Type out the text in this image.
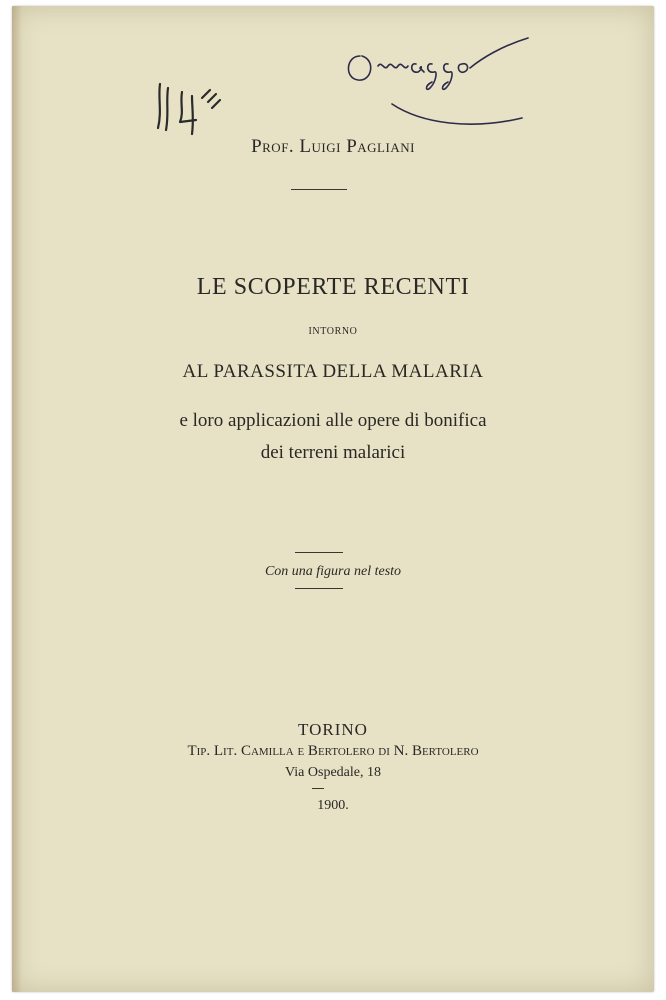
Prof. Luigi Pagliani
LE SCOPERTE RECENTI
INTORNO
AL PARASSITA DELLA MALARIA
e loro applicazioni alle opere di bonifica
dei terreni malarici
Con una figura nel testo
TORINO
Tip. Lit. Camilla e Bertolero di N. Bertolero
Via Ospedale, 18
1900.
